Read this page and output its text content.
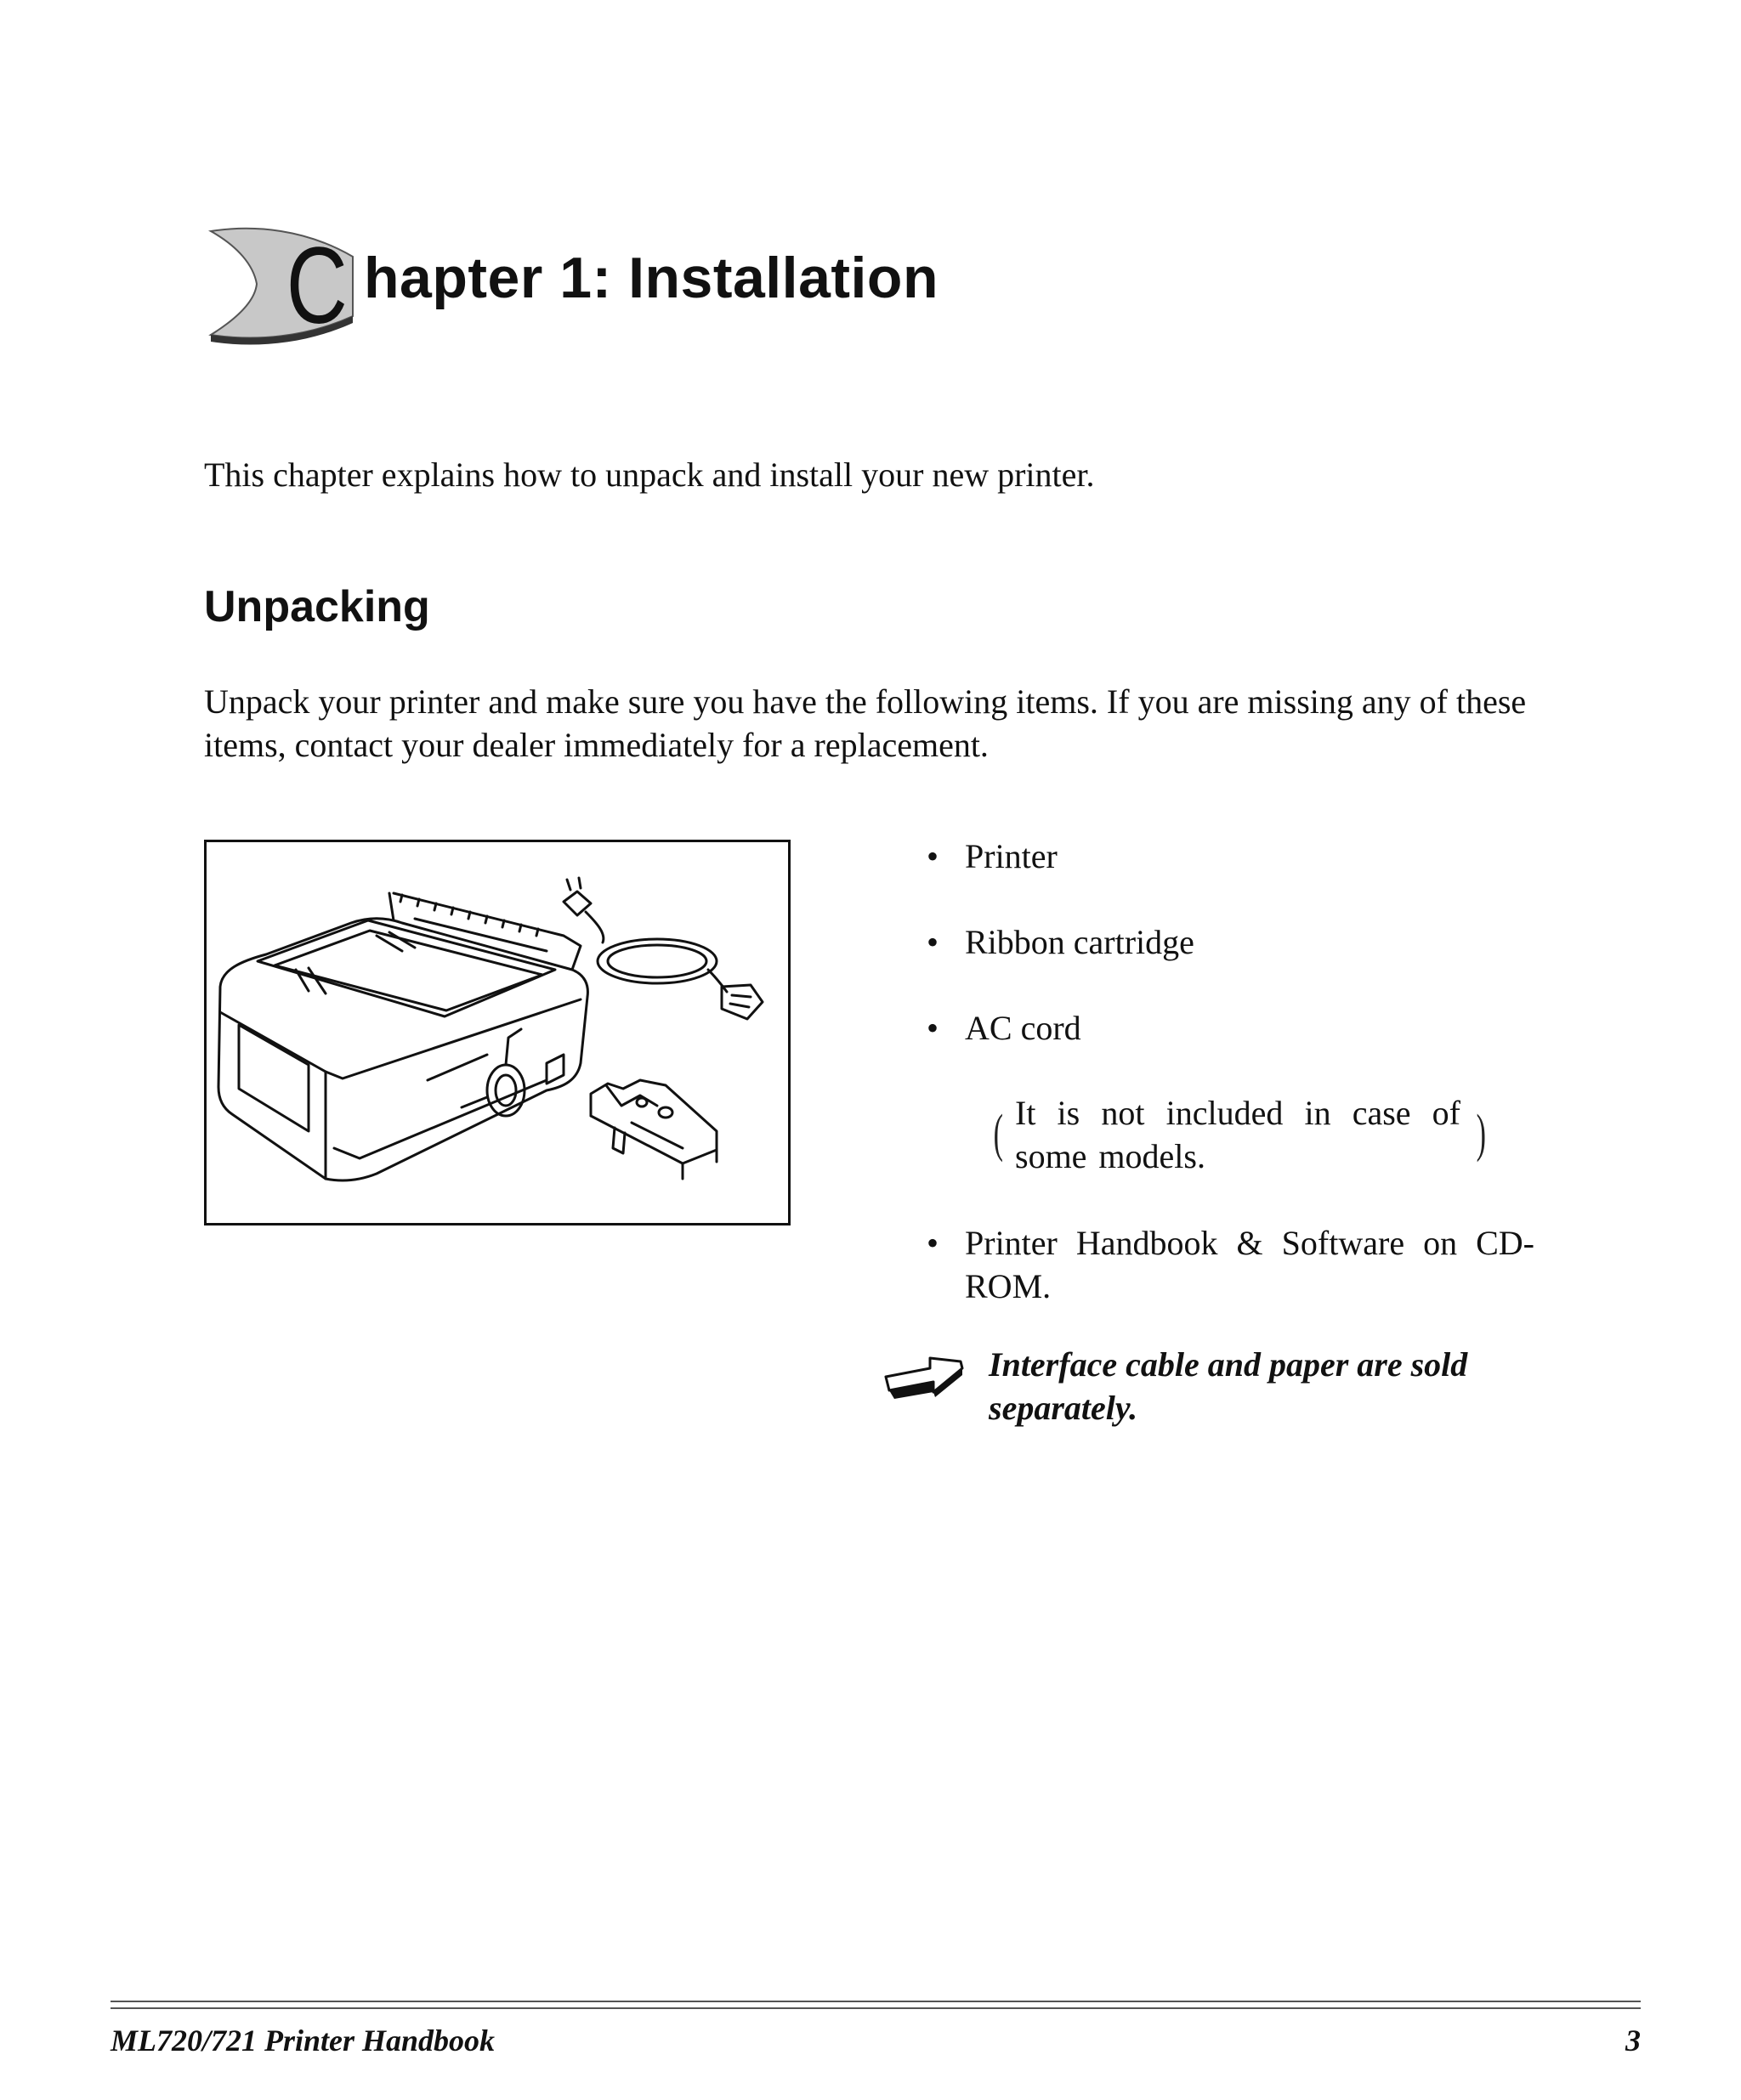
C hapter 1: Installation
This chapter explains how to unpack and install your new printer.
Unpacking
Unpack your printer and make sure you have the following items. If you are missing any of these items, contact your dealer immediately for a replacement.
• Printer
• Ribbon cartridge
• AC cord
( It is not included in case of some models.	)
• Printer Handbook & Software on CD-ROM.
Interface cable and paper are sold separately.
ML720/721 Printer Handbook	3
